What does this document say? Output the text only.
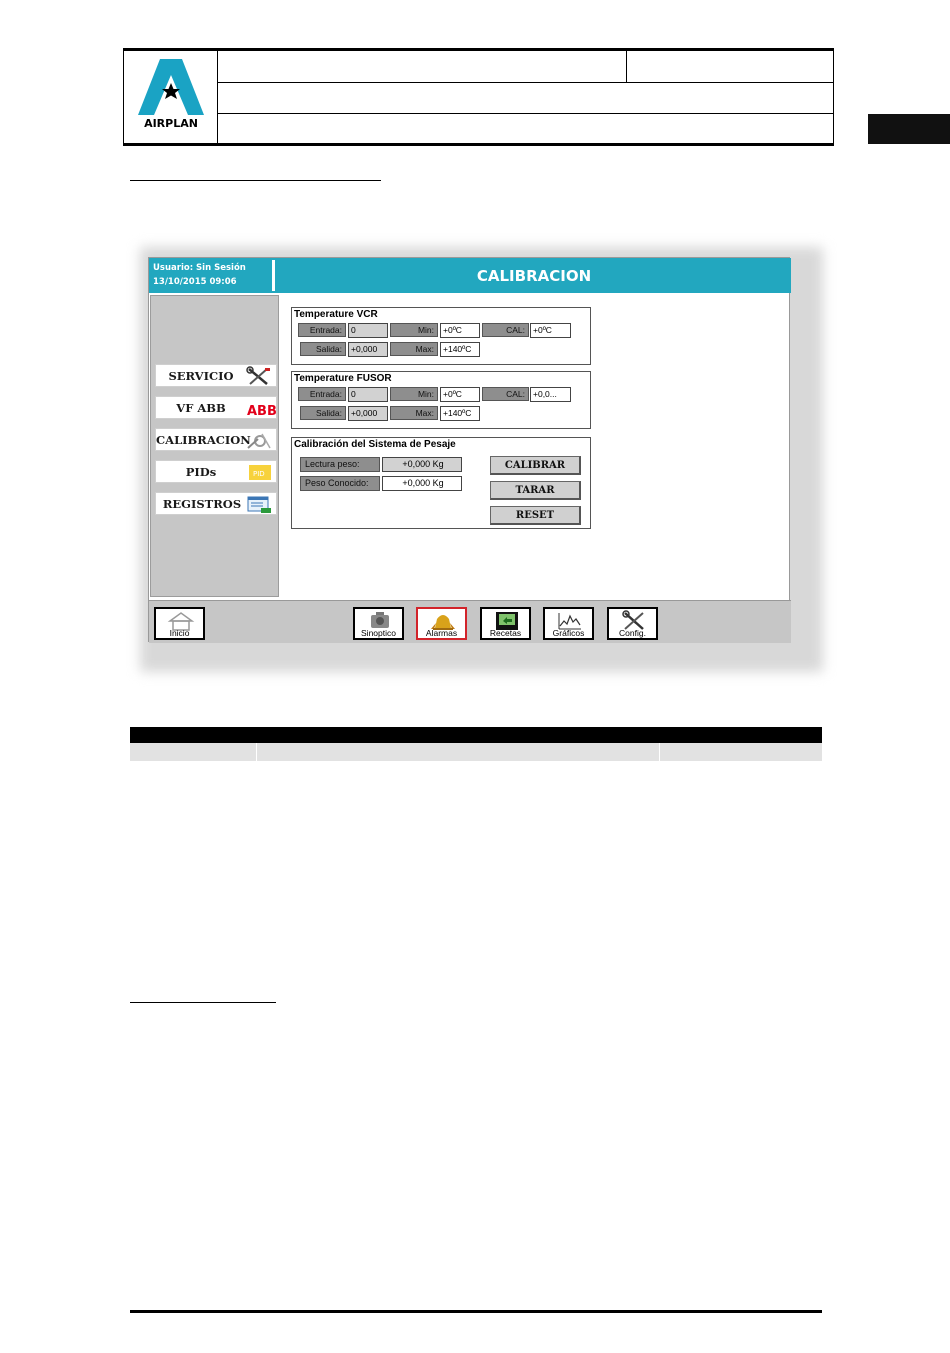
AIRPLAN
Usuario: Sin Sesión
13/10/2015 09:06	CALIBRACION
SERVICIO
VF ABB	ABB
CALIBRACION
PIDs	PID
REGISTROS
Temperature VCR
Entrada:	0	Min:	+0ºC	CAL: +0ºC
Salida:	+0,000	Max:	+140ºC
Temperature FUSOR
Entrada:	0	Min:	+0ºC	CAL: +0,0...
Salida:	+0,000	Max:	+140ºC
Calibración del Sistema de Pesaje
Lectura peso:	+0,000 Kg
Peso Conocido:	+0,000 Kg
CALIBRAR
TARAR
RESET
Inicio	Sinoptico	Alarmas	Recetas	Gráficos	Config.
